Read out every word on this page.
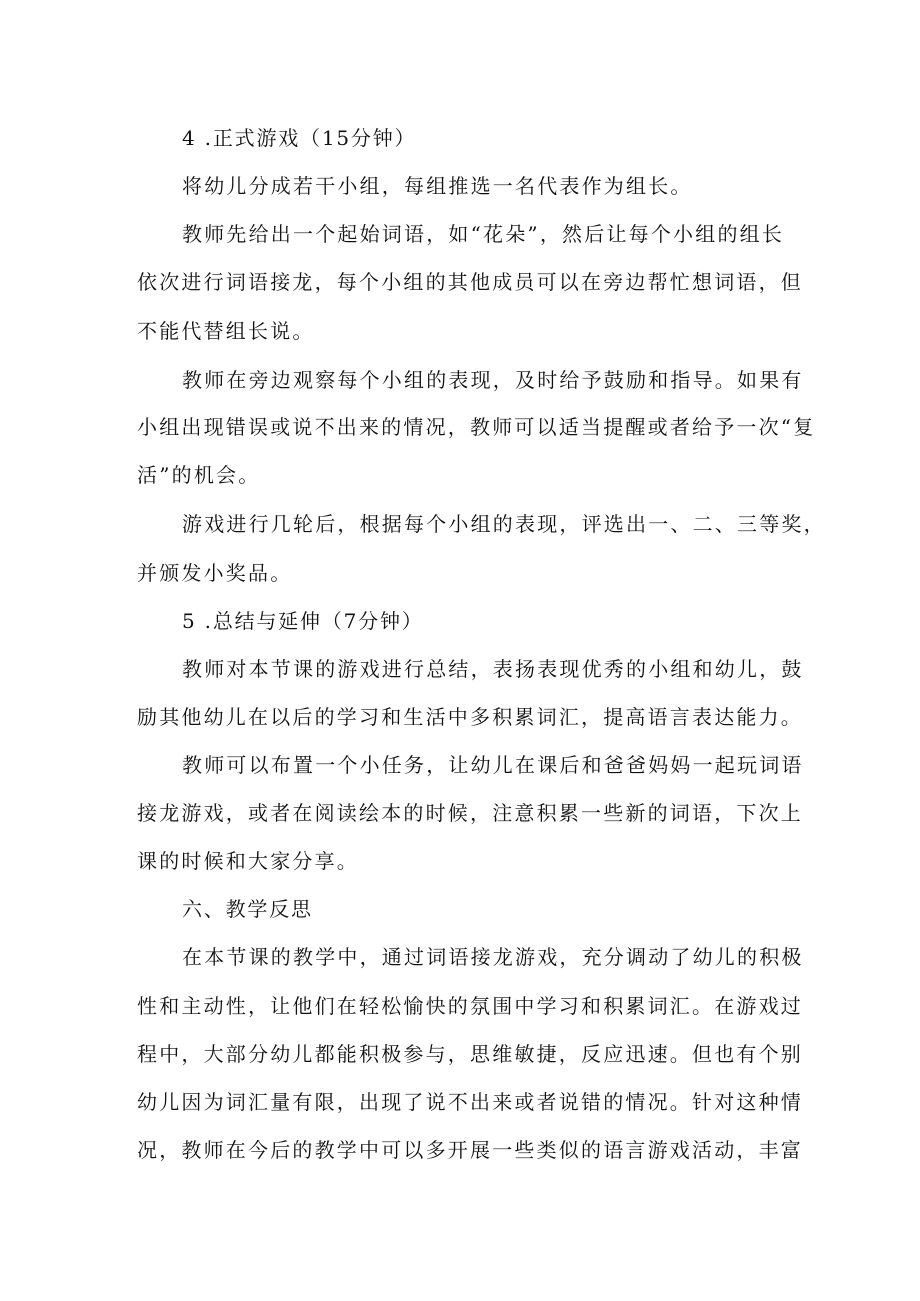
4 .正式游戏（15分钟）
将幼儿分成若干小组，每组推选一名代表作为组长。
教师先给出一个起始词语，如“花朵”，然后让每个小组的组长
依次进行词语接龙，每个小组的其他成员可以在旁边帮忙想词语，但
不能代替组长说。
教师在旁边观察每个小组的表现，及时给予鼓励和指导。如果有
小组出现错误或说不出来的情况，教师可以适当提醒或者给予一次“复
活”的机会。
游戏进行几轮后，根据每个小组的表现，评选出一、二、三等奖，
并颁发小奖品。
5 .总结与延伸（7分钟）
教师对本节课的游戏进行总结，表扬表现优秀的小组和幼儿，鼓
励其他幼儿在以后的学习和生活中多积累词汇，提高语言表达能力。
教师可以布置一个小任务，让幼儿在课后和爸爸妈妈一起玩词语
接龙游戏，或者在阅读绘本的时候，注意积累一些新的词语，下次上
课的时候和大家分享。
六、教学反思
在本节课的教学中，通过词语接龙游戏，充分调动了幼儿的积极
性和主动性，让他们在轻松愉快的氛围中学习和积累词汇。在游戏过
程中，大部分幼儿都能积极参与，思维敏捷，反应迅速。但也有个别
幼儿因为词汇量有限，出现了说不出来或者说错的情况。针对这种情
况，教师在今后的教学中可以多开展一些类似的语言游戏活动，丰富
